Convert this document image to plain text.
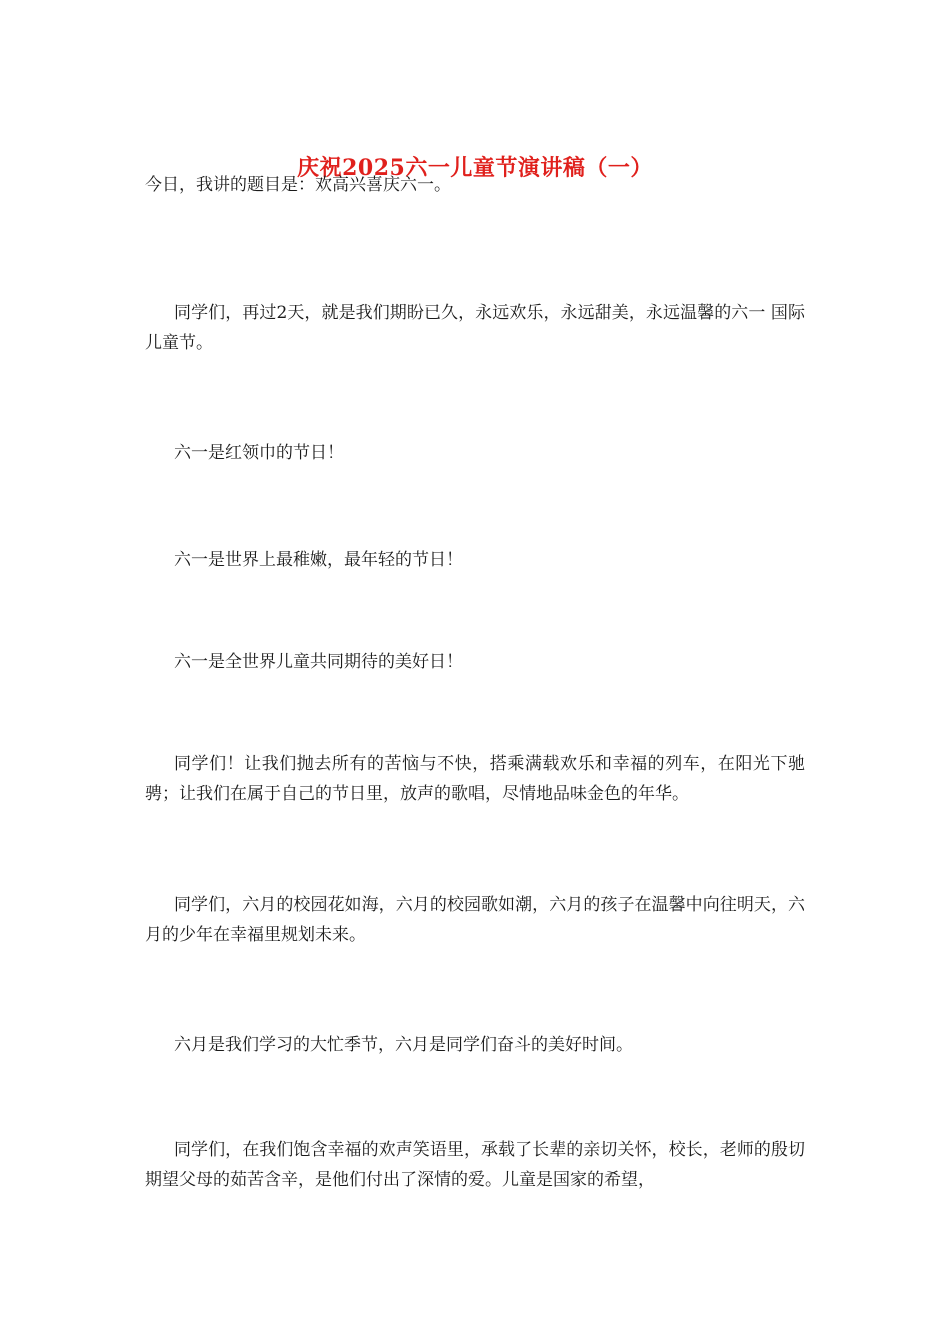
庆祝2025六一儿童节演讲稿（一）

今日，我讲的题目是：欢高兴喜庆六一。

同学们，再过2天，就是我们期盼已久，永远欢乐，永远甜美，永远温馨的六一 国际儿童节。

六一是红领巾的节日！

六一是世界上最稚嫩，最年轻的节日！

六一是全世界儿童共同期待的美好日！

同学们！让我们抛去所有的苦恼与不快，搭乘满载欢乐和幸福的列车，在阳光下驰骋；让我们在属于自己的节日里，放声的歌唱，尽情地品味金色的年华。

同学们，六月的校园花如海，六月的校园歌如潮，六月的孩子在温馨中向往明天，六月的少年在幸福里规划未来。

六月是我们学习的大忙季节，六月是同学们奋斗的美好时间。

同学们，在我们饱含幸福的欢声笑语里，承载了长辈的亲切关怀，校长，老师的殷切期望父母的茹苦含辛，是他们付出了深情的爱。儿童是国家的希望，
